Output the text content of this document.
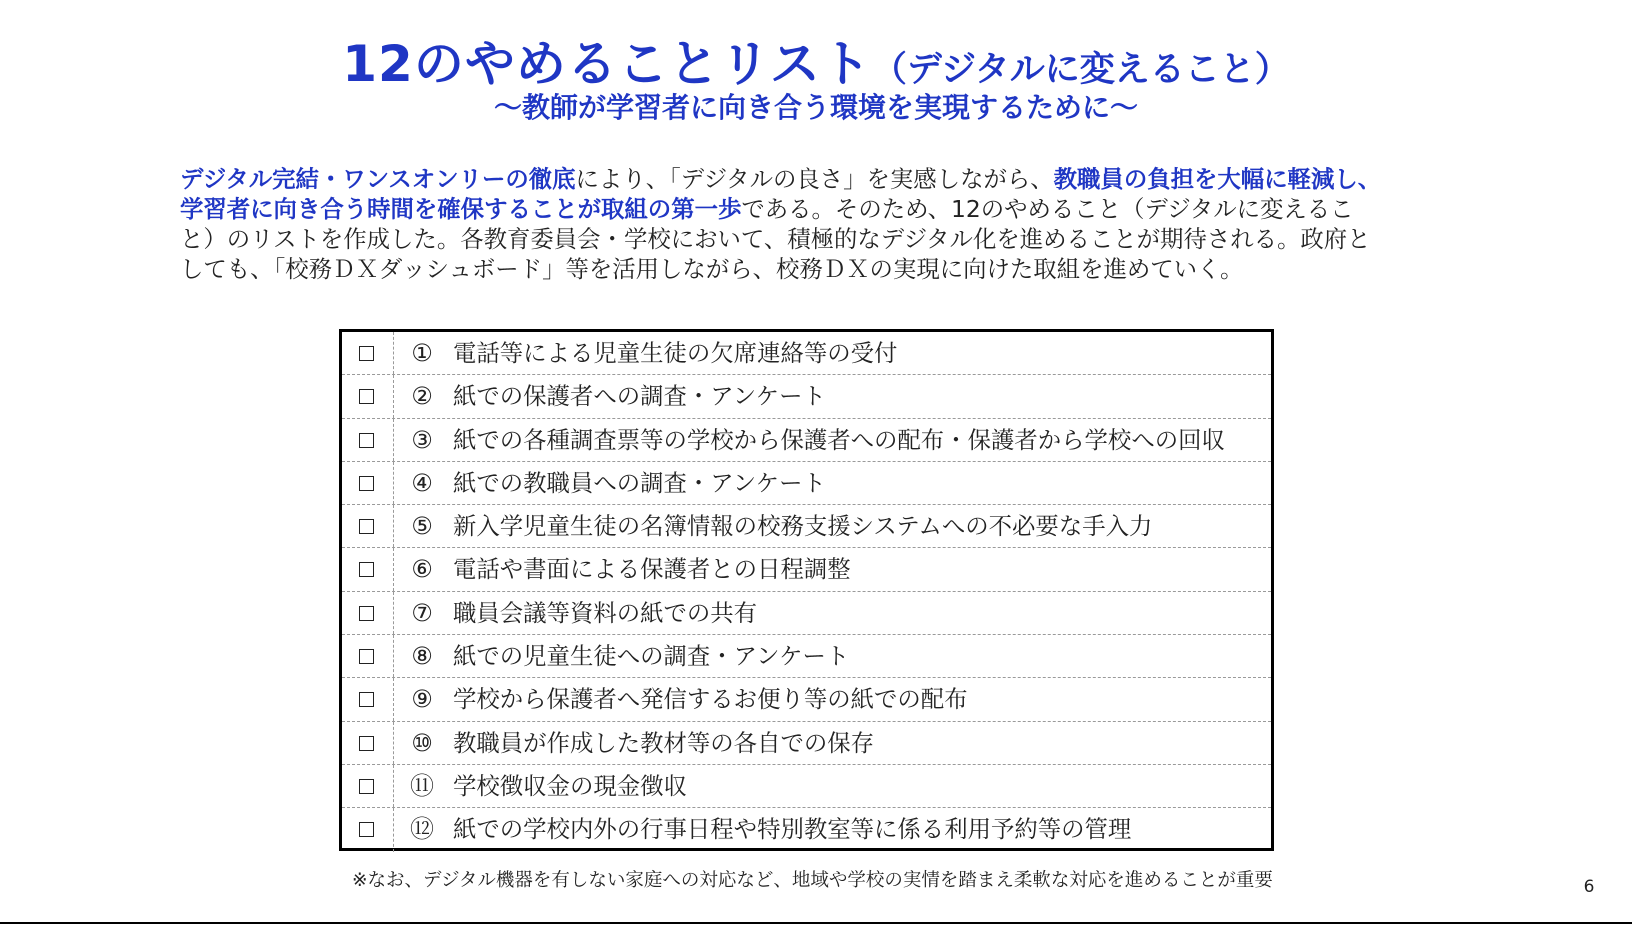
12のやめることリスト（デジタルに変えること）
～教師が学習者に向き合う環境を実現するために～
デジタル完結・ワンスオンリーの徹底により、「デジタルの良さ」を実感しながら、教職員の負担を大幅に軽減し、
学習者に向き合う時間を確保することが取組の第一歩である。そのため、12のやめること（デジタルに変えるこ
と）のリストを作成した。各教育委員会・学校において、積極的なデジタル化を進めることが期待される。政府と
しても、「校務ＤＸダッシュボード」等を活用しながら、校務ＤＸの実現に向けた取組を進めていく。
① 電話等による児童生徒の欠席連絡等の受付
② 紙での保護者への調査・アンケート
③ 紙での各種調査票等の学校から保護者への配布・保護者から学校への回収
④ 紙での教職員への調査・アンケート
⑤ 新入学児童生徒の名簿情報の校務支援システムへの不必要な手入力
⑥ 電話や書面による保護者との日程調整
⑦ 職員会議等資料の紙での共有
⑧ 紙での児童生徒への調査・アンケート
⑨ 学校から保護者へ発信するお便り等の紙での配布
⑩ 教職員が作成した教材等の各自での保存
⑪ 学校徴収金の現金徴収
⑫ 紙での学校内外の行事日程や特別教室等に係る利用予約等の管理
※なお、デジタル機器を有しない家庭への対応など、地域や学校の実情を踏まえ柔軟な対応を進めることが重要	6
